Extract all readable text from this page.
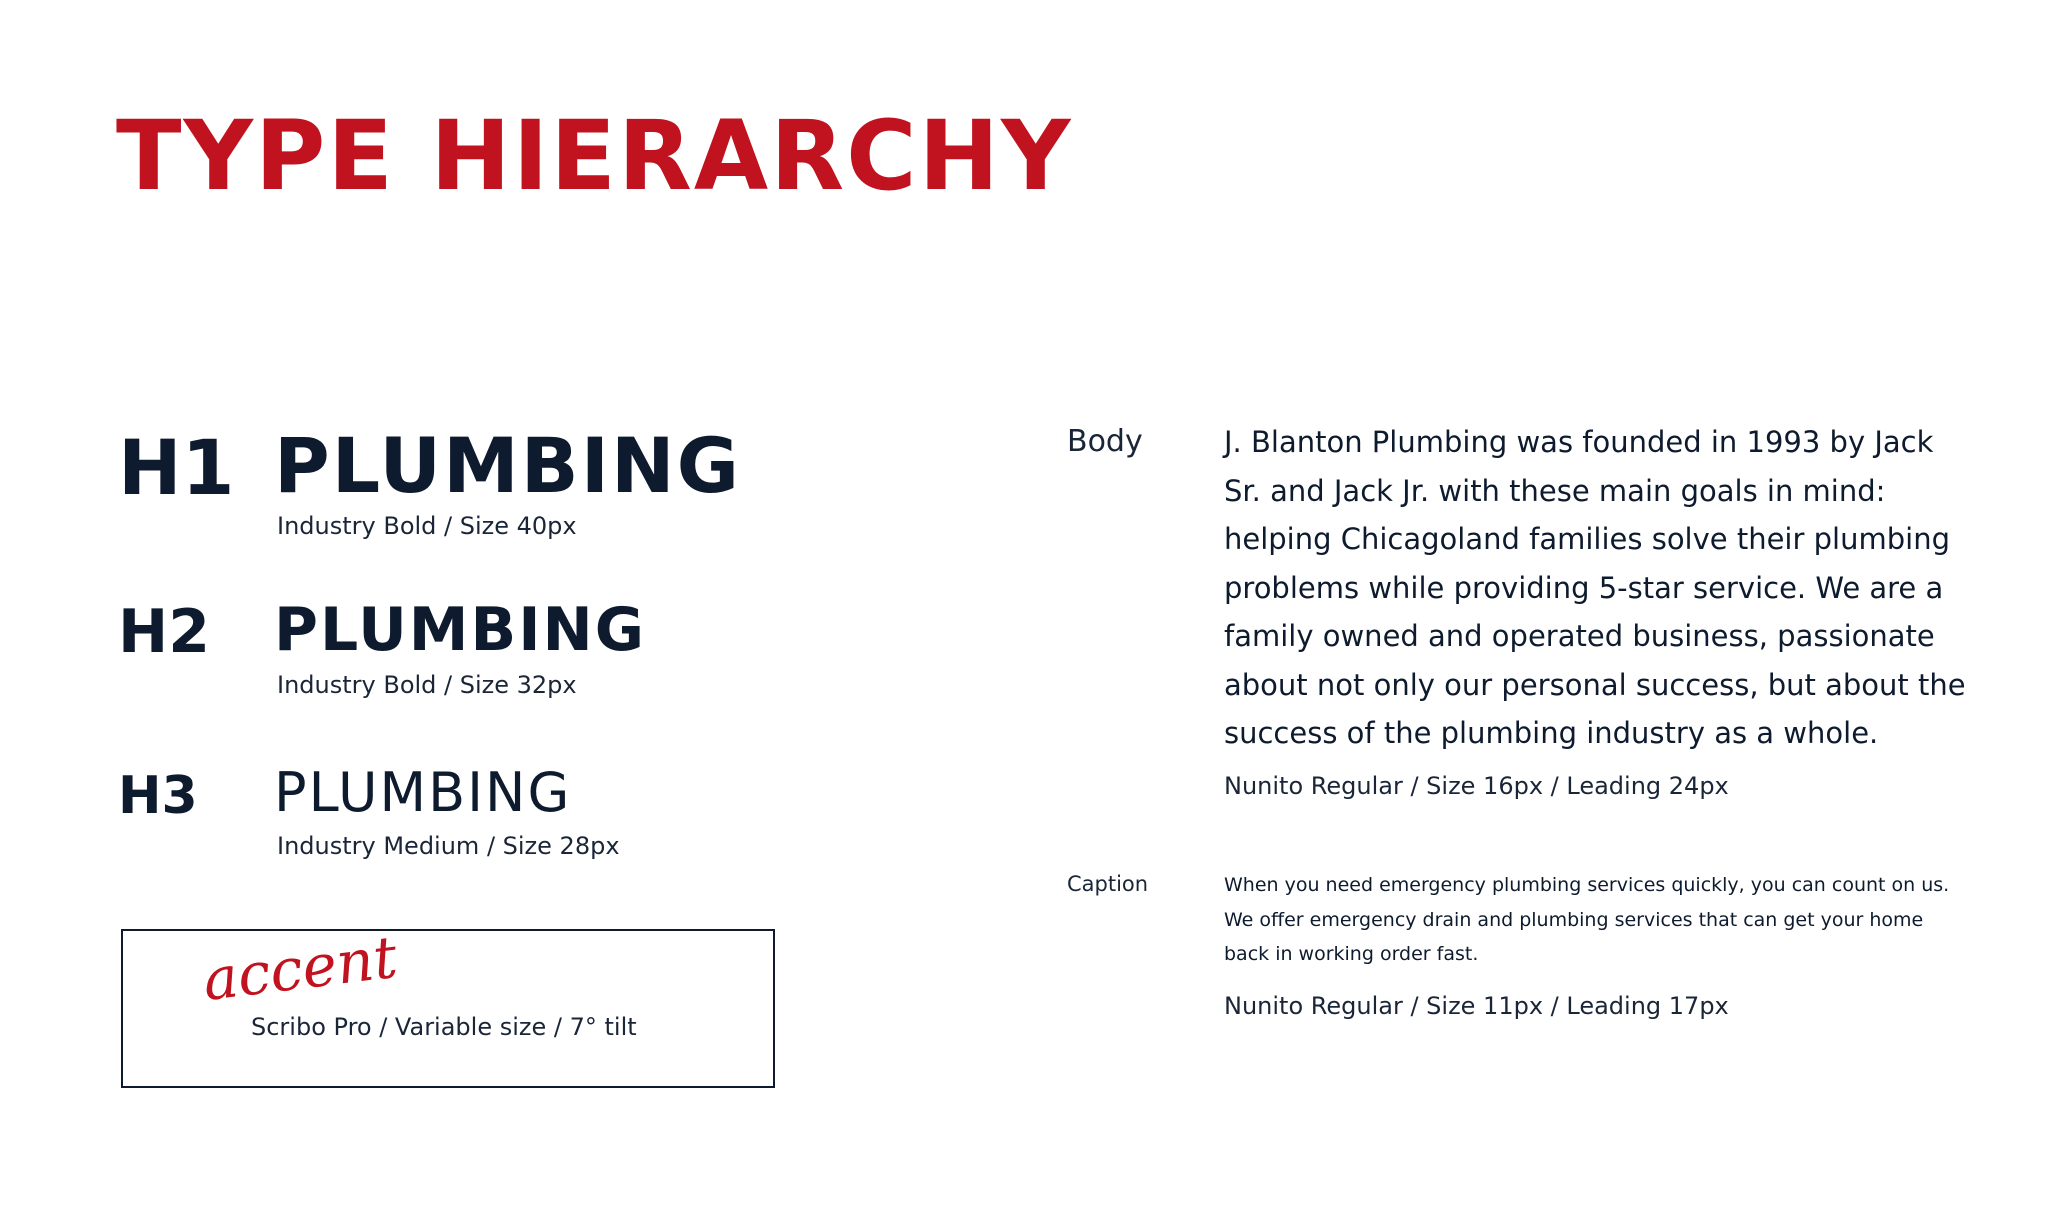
TYPE HIERARCHY
H1 PLUMBING
Industry Bold / Size 40px
H2 PLUMBING
Industry Bold / Size 32px
H3 PLUMBING
Industry Medium / Size 28px
accent
Scribo Pro / Variable size / 7° tilt
Body	J. Blanton Plumbing was founded in 1993 by Jack Sr. and Jack Jr. with these main goals in mind: helping Chicagoland families solve their plumbing problems while providing 5-star service. We are a family owned and operated business, passionate about not only our personal success, but about the success of the plumbing industry as a whole.
Nunito Regular / Size 16px / Leading 24px
Caption	When you need emergency plumbing services quickly, you can count on us. We offer emergency drain and plumbing services that can get your home back in working order fast.
Nunito Regular / Size 11px / Leading 17px
